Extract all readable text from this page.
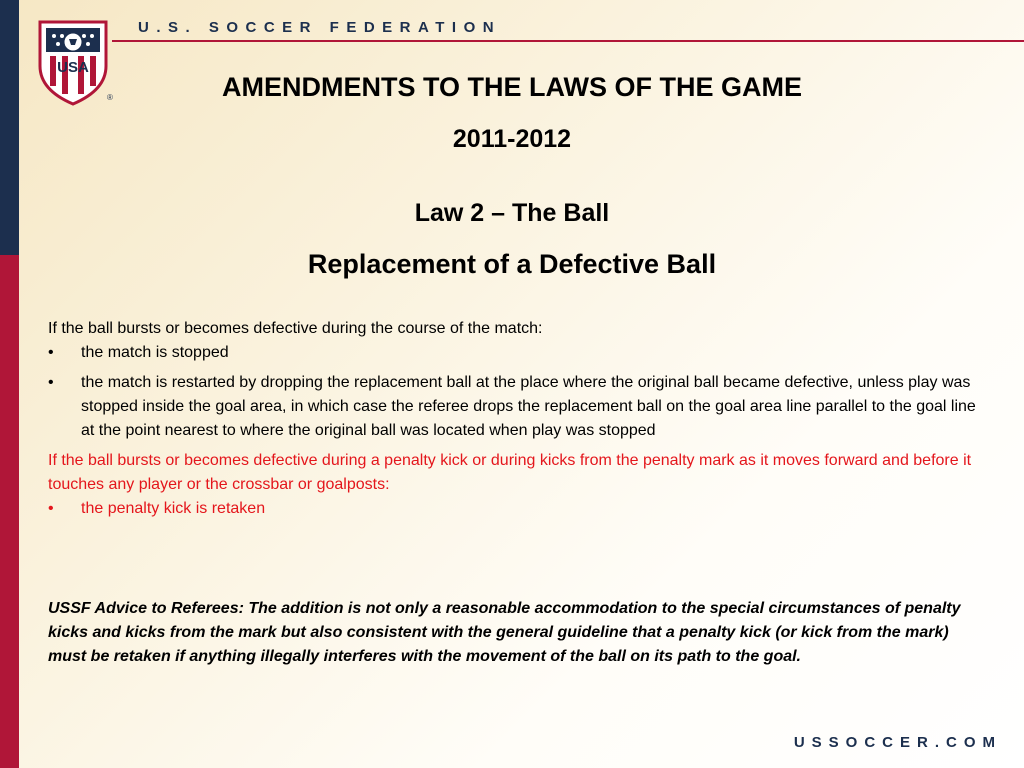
USA
®
U.S. SOCCER FEDERATION
AMENDMENTS TO THE LAWS OF THE GAME
2011-2012
Law 2 – The Ball
Replacement of a Defective Ball

If the ball bursts or becomes defective during the course of the match:

• the match is stopped
• the match is restarted by dropping the replacement ball at the place where the original ball became defective, unless play was stopped inside the goal area, in which case the referee drops the replacement ball on the goal area line parallel to the goal line at the point nearest to where the original ball was located when play was stopped

If the ball bursts or becomes defective during a penalty kick or during kicks from the penalty mark as it moves forward and before it touches any player or the crossbar or goalposts:

• the penalty kick is retaken
USSF Advice to Referees: The addition is not only a reasonable accommodation to the special circumstances of penalty kicks and kicks from the mark but also consistent with the general guideline that a penalty kick (or kick from the mark) must be retaken if anything illegally interferes with the movement of the ball on its path to the goal.
USSOCCER.COM
